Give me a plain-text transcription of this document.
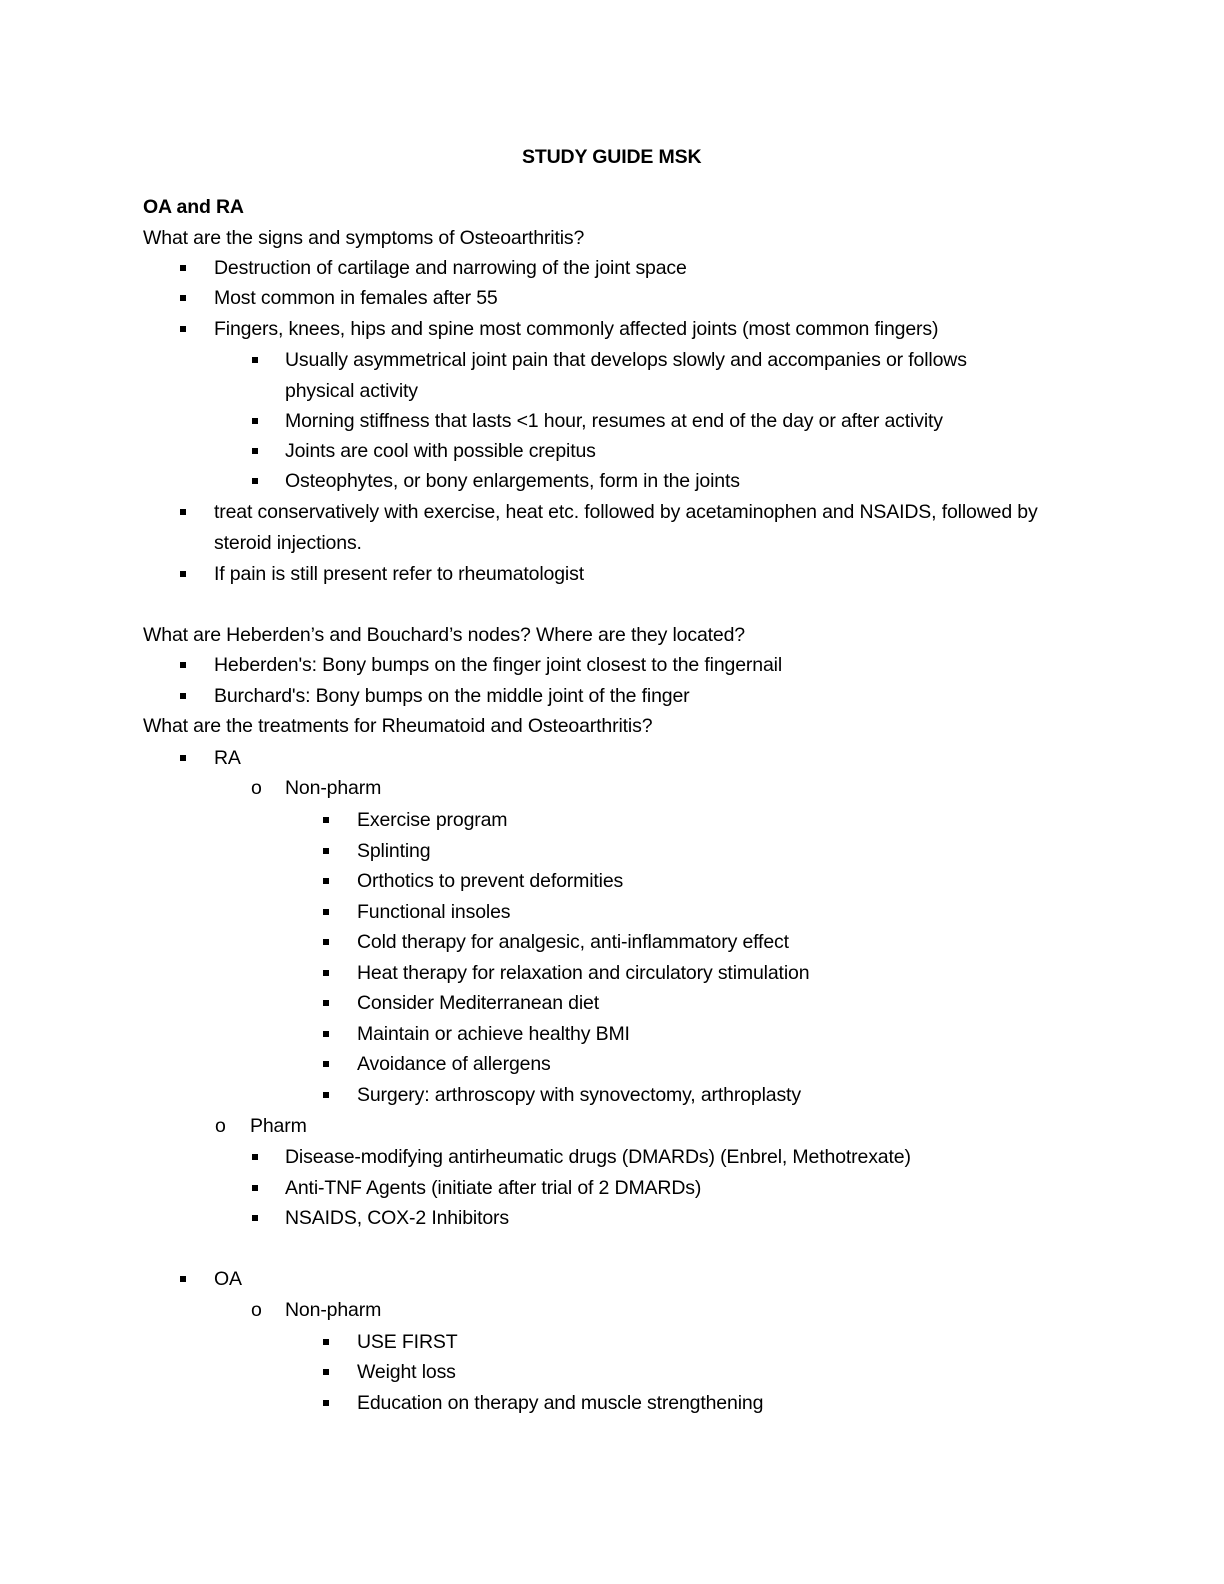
STUDY GUIDE MSK
OA and RA
What are the signs and symptoms of Osteoarthritis?
Destruction of cartilage and narrowing of the joint space
Most common in females after 55
Fingers, knees, hips and spine most commonly affected joints (most common fingers)
Usually asymmetrical joint pain that develops slowly and accompanies or follows
physical activity
Morning stiffness that lasts <1 hour, resumes at end of the day or after activity
Joints are cool with possible crepitus
Osteophytes, or bony enlargements, form in the joints
treat conservatively with exercise, heat etc. followed by acetaminophen and NSAIDS, followed by
steroid injections.
If pain is still present refer to rheumatologist
What are Heberden’s and Bouchard’s nodes? Where are they located?
Heberden's: Bony bumps on the finger joint closest to the fingernail
Burchard's: Bony bumps on the middle joint of the finger
What are the treatments for Rheumatoid and Osteoarthritis?
RA
o Non-pharm
Exercise program
Splinting
Orthotics to prevent deformities
Functional insoles
Cold therapy for analgesic, anti-inflammatory effect
Heat therapy for relaxation and circulatory stimulation
Consider Mediterranean diet
Maintain or achieve healthy BMI
Avoidance of allergens
Surgery: arthroscopy with synovectomy, arthroplasty
o Pharm
Disease-modifying antirheumatic drugs (DMARDs) (Enbrel, Methotrexate)
Anti-TNF Agents (initiate after trial of 2 DMARDs)
NSAIDS, COX-2 Inhibitors
OA
o Non-pharm
USE FIRST
Weight loss
Education on therapy and muscle strengthening
